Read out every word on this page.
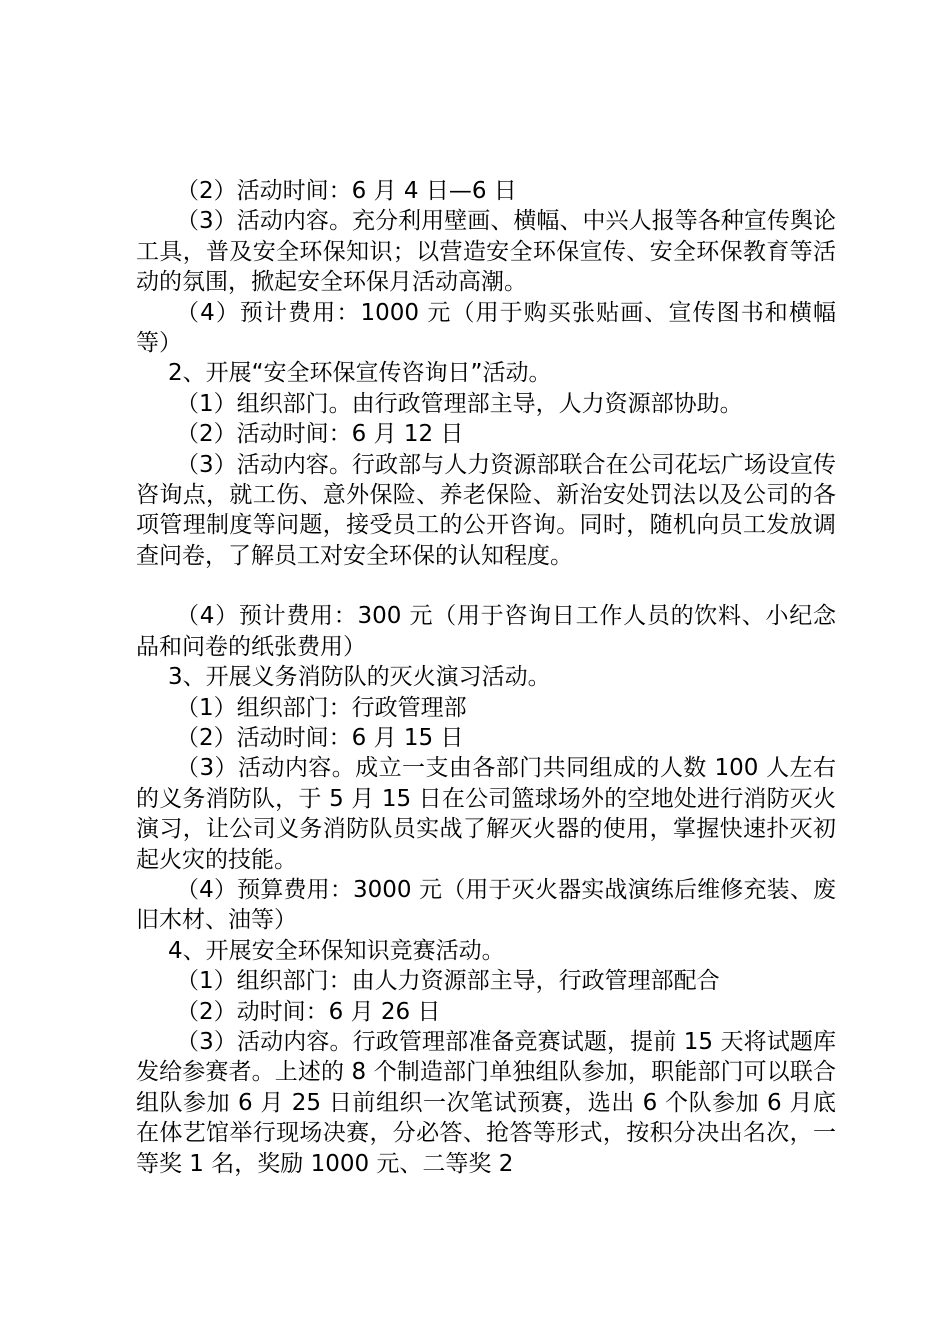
（2）活动时间：6 月 4 日—6 日

（3）活动内容。充分利用壁画、横幅、中兴人报等各种宣传舆论工具，普及安全环保知识；以营造安全环保宣传、安全环保教育等活动的氛围，掀起安全环保月活动高潮。

（4）预计费用：1000 元（用于购买张贴画、宣传图书和横幅等）

2、开展“安全环保宣传咨询日”活动。

（1）组织部门。由行政管理部主导，人力资源部协助。

（2）活动时间：6 月 12 日

（3）活动内容。行政部与人力资源部联合在公司花坛广场设宣传咨询点，就工伤、意外保险、养老保险、新治安处罚法以及公司的各项管理制度等问题，接受员工的公开咨询。同时，随机向员工发放调查问卷，了解员工对安全环保的认知程度。

（4）预计费用：300 元（用于咨询日工作人员的饮料、小纪念品和问卷的纸张费用）

3、开展义务消防队的灭火演习活动。

（1）组织部门：行政管理部

（2）活动时间：6 月 15 日

（3）活动内容。成立一支由各部门共同组成的人数 100 人左右的义务消防队，于 5 月 15 日在公司篮球场外的空地处进行消防灭火演习，让公司义务消防队员实战了解灭火器的使用，掌握快速扑灭初起火灾的技能。

（4）预算费用：3000 元（用于灭火器实战演练后维修充装、废旧木材、油等）

4、开展安全环保知识竞赛活动。

（1）组织部门：由人力资源部主导，行政管理部配合

（2）动时间：6 月 26 日

（3）活动内容。行政管理部准备竞赛试题，提前 15 天将试题库发给参赛者。上述的 8 个制造部门单独组队参加，职能部门可以联合组队参加 6 月 25 日前组织一次笔试预赛，选出 6 个队参加 6 月底在体艺馆举行现场决赛，分必答、抢答等形式，按积分决出名次，一等奖 1 名，奖励 1000 元、二等奖 2
